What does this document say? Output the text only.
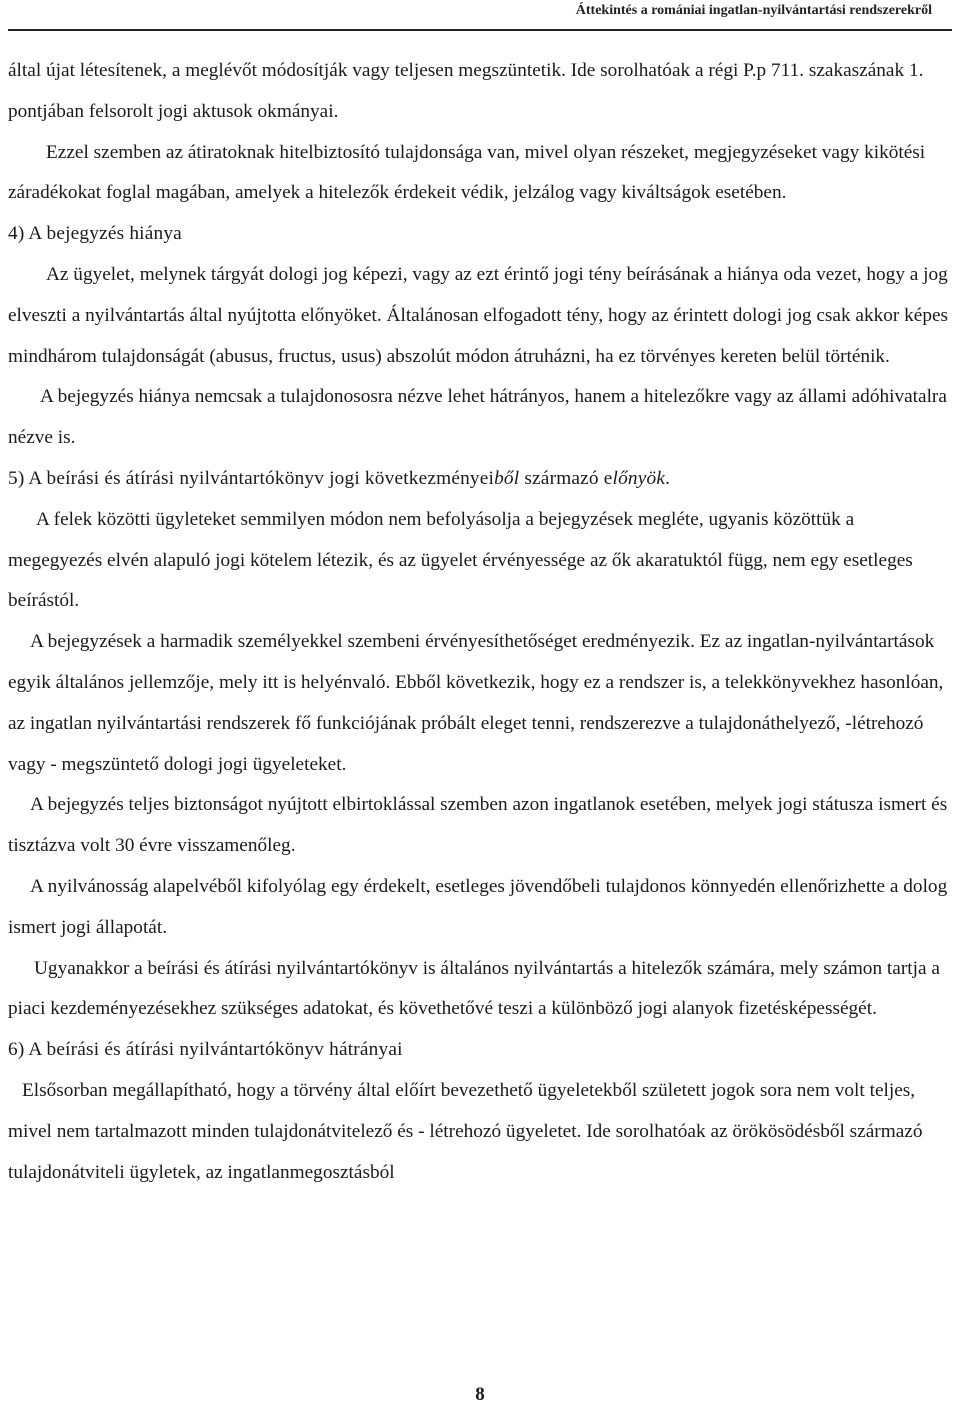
Áttekintés a romániai ingatlan-nyilvántartási rendszerekről

által újat létesítenek, a meglévőt módosítják vagy teljesen megszüntetik. Ide sorolhatóak a régi P.p 711. szakaszának 1. pontjában felsorolt jogi aktusok okmányai.

Ezzel szemben az átiratoknak hitelbiztosító tulajdonsága van, mivel olyan részeket, megjegyzéseket vagy kikötési záradékokat foglal magában, amelyek a hitelezők érdekeit védik, jelzálog vagy kiváltságok esetében.

4) A bejegyzés hiánya

Az ügyelet, melynek tárgyát dologi jog képezi, vagy az ezt érintő jogi tény beírásának a hiánya oda vezet, hogy a jog elveszti a nyilvántartás által nyújtotta előnyöket. Általánosan elfogadott tény, hogy az érintett dologi jog csak akkor képes mindhárom tulajdonságát (abusus, fructus, usus) abszolút módon átruházni, ha ez törvényes kereten belül történik.

A bejegyzés hiánya nemcsak a tulajdonososra nézve lehet hátrányos, hanem a hitelezőkre vagy az állami adóhivatalra nézve is.

5) A beírási és átírási nyilvántartókönyv jogi következményeiből származó előnyök.

A felek közötti ügyleteket semmilyen módon nem befolyásolja a bejegyzések megléte, ugyanis közöttük a megegyezés elvén alapuló jogi kötelem létezik, és az ügyelet érvényessége az ők akaratuktól függ, nem egy esetleges beírástól.

A bejegyzések a harmadik személyekkel szembeni érvényesíthetőséget eredményezik. Ez az ingatlan-nyilvántartások egyik általános jellemzője, mely itt is helyénvaló. Ebből következik, hogy ez a rendszer is, a telekkönyvekhez hasonlóan, az ingatlan nyilvántartási rendszerek fő funkciójának próbált eleget tenni, rendszerezve a tulajdonáthelyező, -létrehozó vagy - megszüntető dologi jogi ügyeleteket.

A bejegyzés teljes biztonságot nyújtott elbirtoklással szemben azon ingatlanok esetében, melyek jogi státusza ismert és tisztázva volt 30 évre visszamenőleg.

A nyilvánosság alapelvéből kifolyólag egy érdekelt, esetleges jövendőbeli tulajdonos könnyedén ellenőrizhette a dolog ismert jogi állapotát.

Ugyanakkor a beírási és átírási nyilvántartókönyv is általános nyilvántartás a hitelezők számára, mely számon tartja a piaci kezdeményezésekhez szükséges adatokat, és követhetővé teszi a különböző jogi alanyok fizetésképességét.

6) A beírási és átírási nyilvántartókönyv hátrányai

Elsősorban megállapítható, hogy a törvény által előírt bevezethető ügyeletekből született jogok sora nem volt teljes, mivel nem tartalmazott minden tulajdonátvitelező és - létrehozó ügyeletet. Ide sorolhatóak az örökösödésből származó tulajdonátviteli ügyletek, az ingatlanmegosztásból

8
